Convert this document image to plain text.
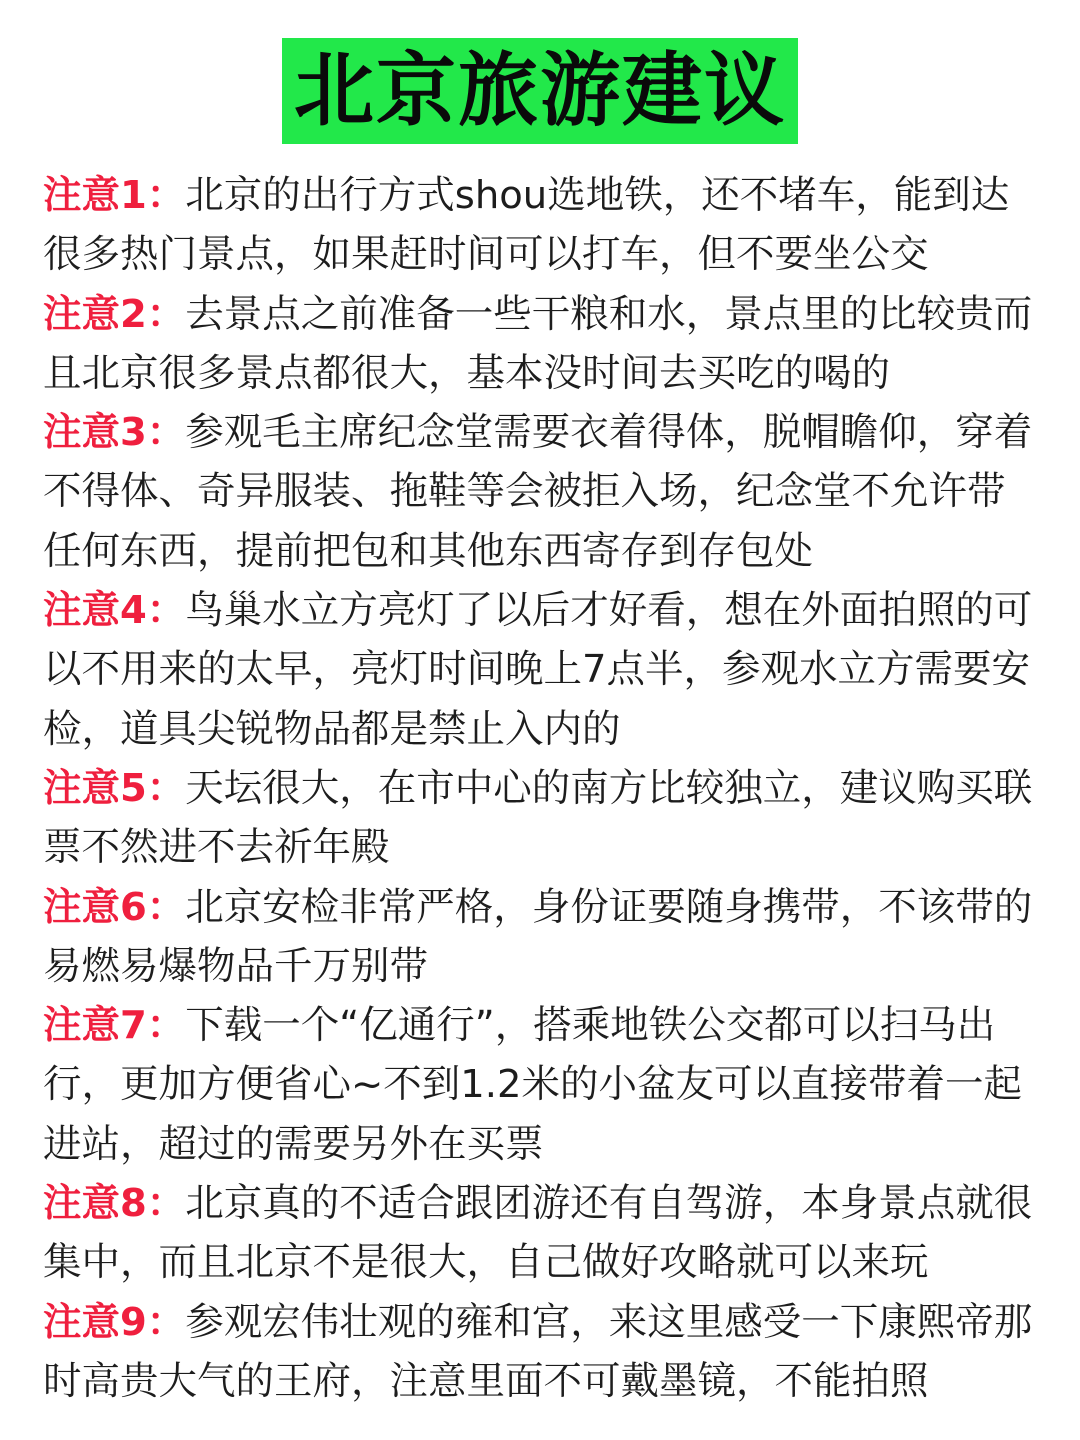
北京旅游建议

注意1：北京的出行方式shou选地铁，还不堵车，能到达很多热门景点，如果赶时间可以打车，但不要坐公交

注意2：去景点之前准备一些干粮和水，景点里的比较贵而且北京很多景点都很大，基本没时间去买吃的喝的

注意3：参观毛主席纪念堂需要衣着得体，脱帽瞻仰，穿着不得体、奇异服装、拖鞋等会被拒入场，纪念堂不允许带任何东西，提前把包和其他东西寄存到存包处

注意4：鸟巢水立方亮灯了以后才好看，想在外面拍照的可以不用来的太早，亮灯时间晚上7点半，参观水立方需要安检，道具尖锐物品都是禁止入内的

注意5：天坛很大，在市中心的南方比较独立，建议购买联票不然进不去祈年殿

注意6：北京安检非常严格，身份证要随身携带，不该带的易燃易爆物品千万别带

注意7：下载一个“亿通行”，搭乘地铁公交都可以扫马出行，更加方便省心~不到1.2米的小盆友可以直接带着一起进站，超过的需要另外在买票

注意8：北京真的不适合跟团游还有自驾游，本身景点就很集中，而且北京不是很大，自己做好攻略就可以来玩

注意9：参观宏伟壮观的雍和宫，来这里感受一下康熙帝那时高贵大气的王府，注意里面不可戴墨镜，不能拍照
